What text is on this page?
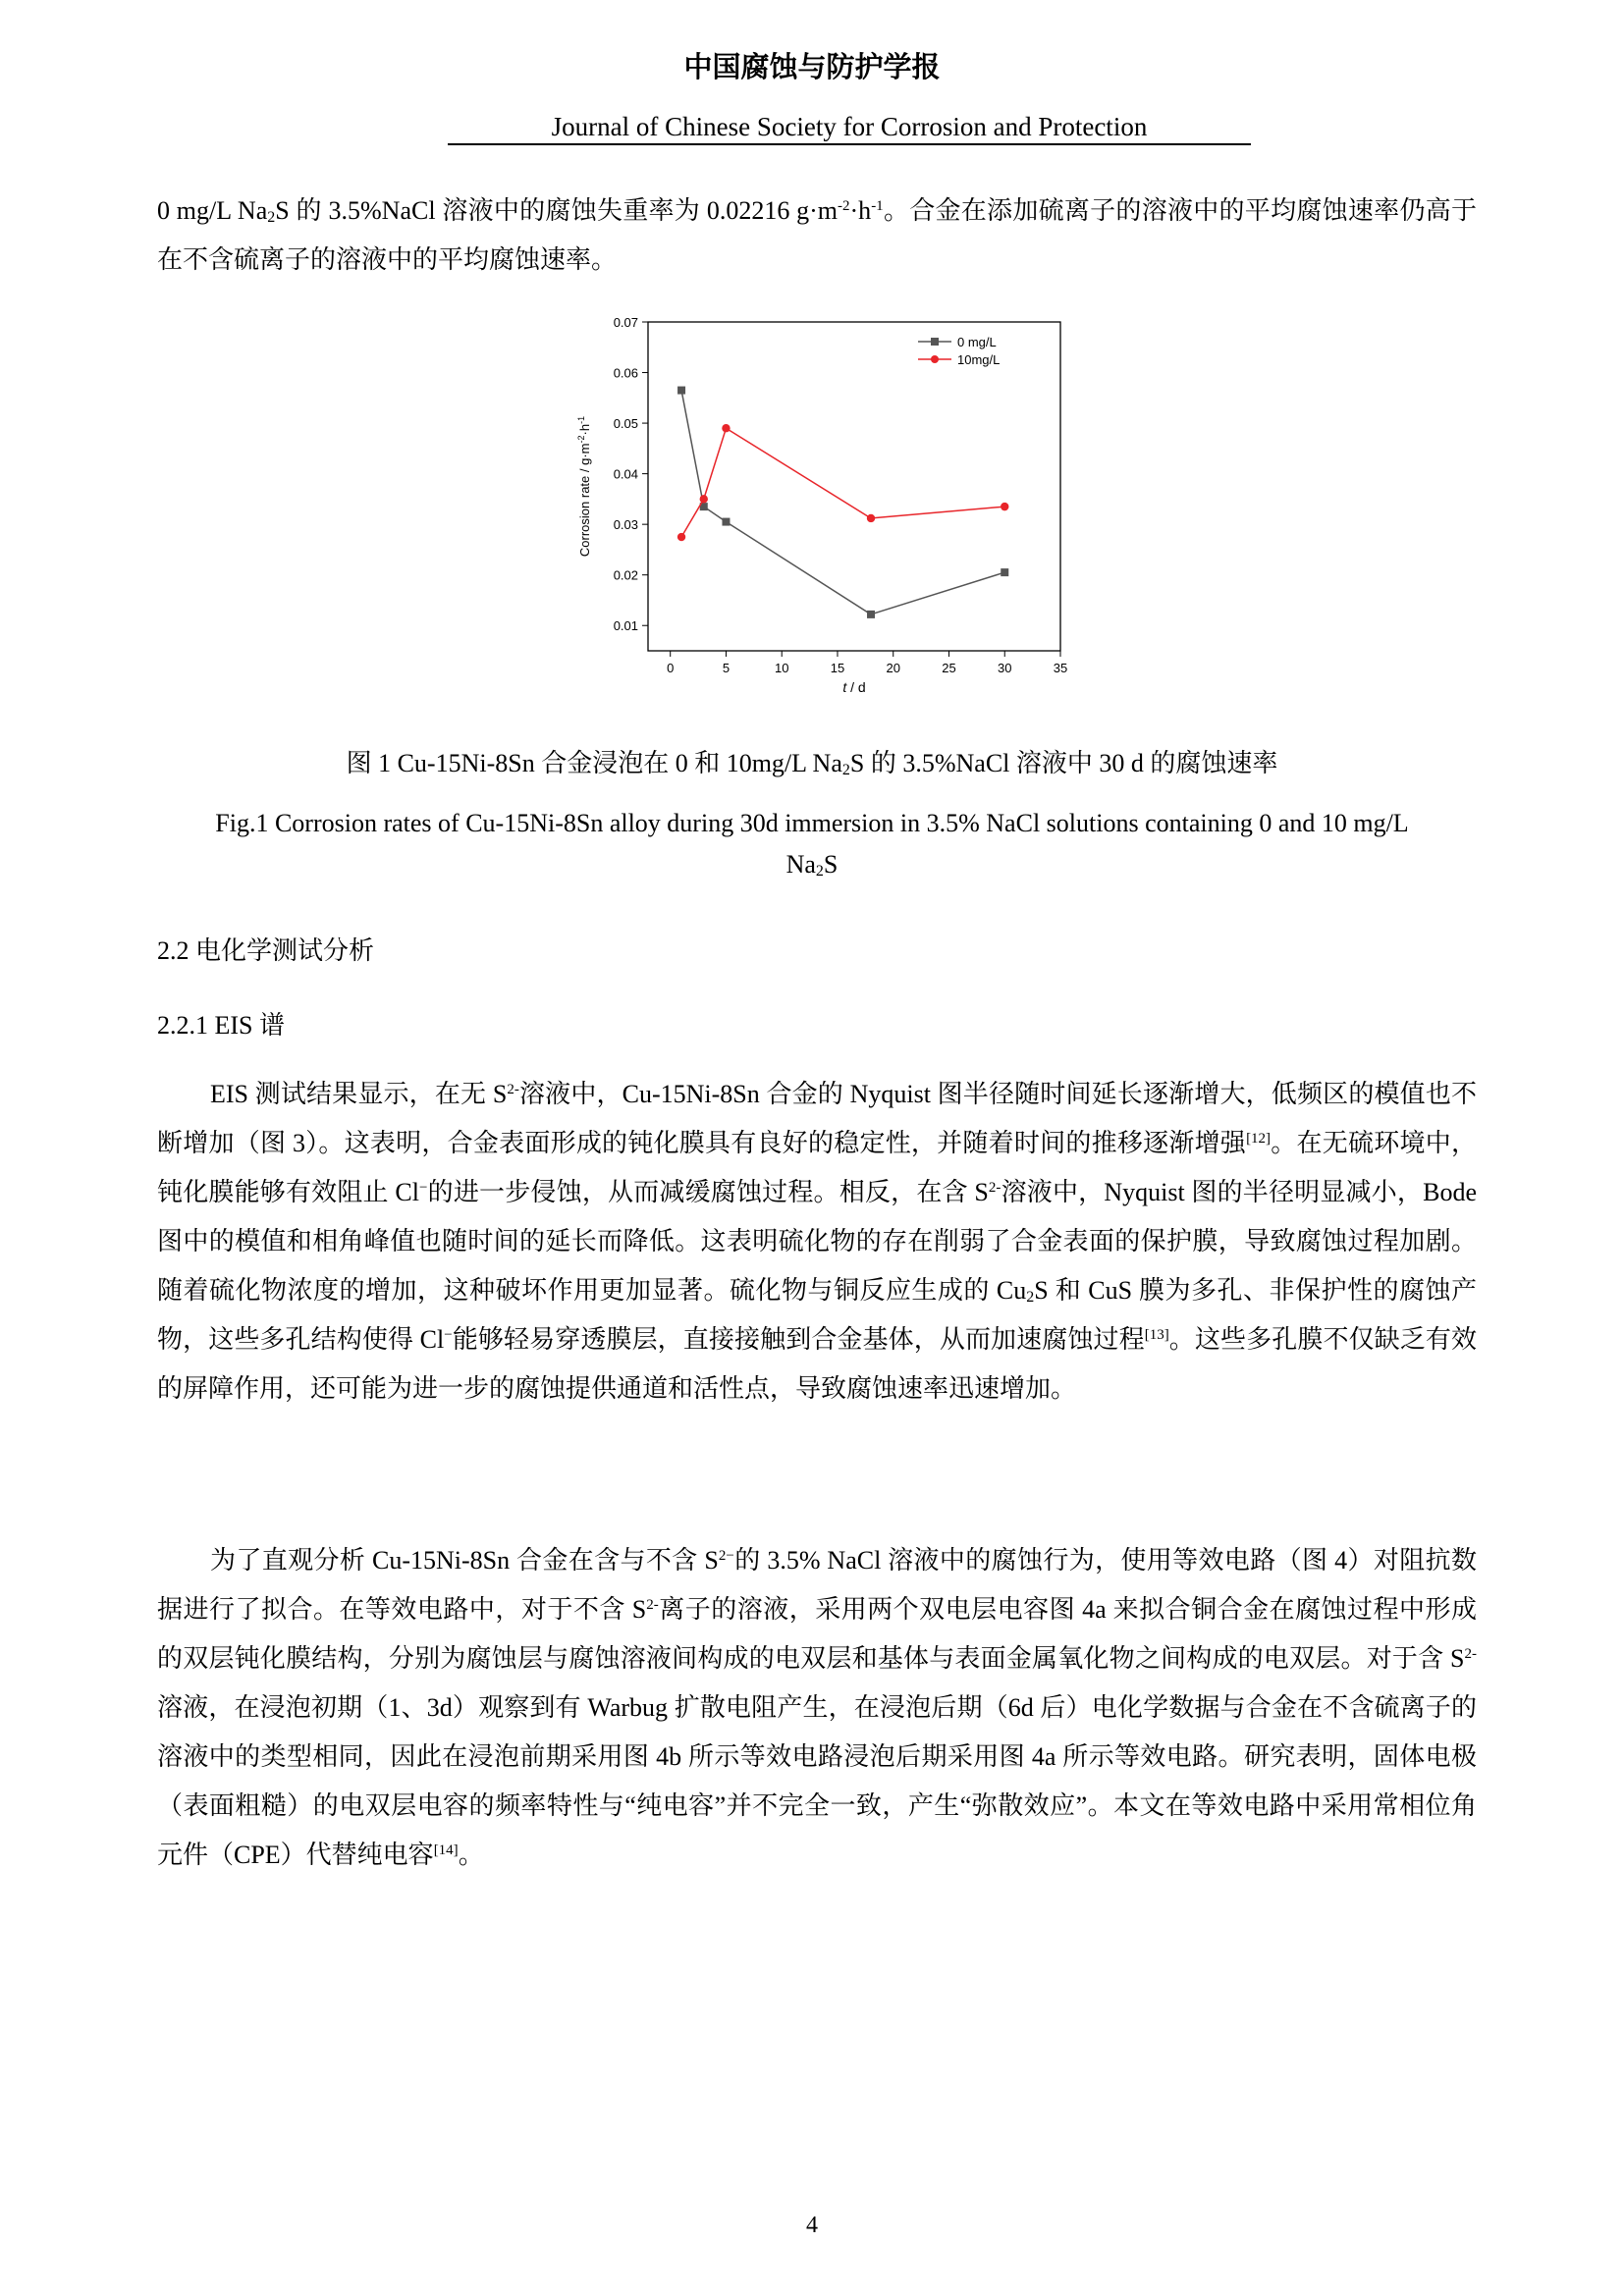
中国腐蚀与防护学报
Journal of Chinese Society for Corrosion and Protection

0 mg/L $Na_2S$ 的 3.5%NaCl 溶液中的腐蚀失重率为 0.02216 $g\cdot m^{-2}\cdot h^{-1}$。合金在添加硫离子的溶液中的平均腐蚀速率仍高于在不含硫离子的溶液中的平均腐蚀速率。

0	5	10	15	20	25	30	35
0.01
0.02
0.03
0.04
0.05
0.06
0.07
t / d
Corrosion rate / $g\cdot m^{-2}\cdot h^{-1}$
0 mg/L
10mg/L
图 1 Cu-15Ni-8Sn 合金浸泡在 0 和 10mg/L $Na_2S$ 的 3.5%NaCl 溶液中 30 d 的腐蚀速率
Fig.1 Corrosion rates of Cu-15Ni-8Sn alloy during 30d immersion in 3.5% NaCl solutions containing 0 and 10 mg/L $Na_2S$
2.2 电化学测试分析
2.2.1 EIS 谱

EIS 测试结果显示，在无 $S^{2-}$溶液中，Cu-15Ni-8Sn 合金的 Nyquist 图半径随时间延长逐渐增大，低频区的模值也不断增加（图 3）。这表明，合金表面形成的钝化膜具有良好的稳定性，并随着时间的推移逐渐增强[12]。在无硫环境中，钝化膜能够有效阻止 Cl−的进一步侵蚀，从而减缓腐蚀过程。相反，在含 $S^{2-}$溶液中，Nyquist 图的半径明显减小，Bode 图中的模值和相角峰值也随时间的延长而降低。这表明硫化物的存在削弱了合金表面的保护膜，导致腐蚀过程加剧。随着硫化物浓度的增加，这种破坏作用更加显著。硫化物与铜反应生成的 $Cu_2S$ 和 CuS 膜为多孔、非保护性的腐蚀产物，这些多孔结构使得 Cl−能够轻易穿透膜层，直接接触到合金基体，从而加速腐蚀过程[13]。这些多孔膜不仅缺乏有效的屏障作用，还可能为进一步的腐蚀提供通道和活性点，导致腐蚀速率迅速增加。

为了直观分析 Cu-15Ni-8Sn 合金在含与不含 $S^{2-}$的 3.5% NaCl 溶液中的腐蚀行为，使用等效电路（图 4）对阻抗数据进行了拟合。在等效电路中，对于不含 $S^{2-}$离子的溶液，采用两个双电层电容图 4a 来拟合铜合金在腐蚀过程中形成的双层钝化膜结构，分别为腐蚀层与腐蚀溶液间构成的电双层和基体与表面金属氧化物之间构成的电双层。对于含 $S^{2-}$溶液，在浸泡初期（1、3d）观察到有 Warbug 扩散电阻产生，在浸泡后期（6d 后）电化学数据与合金在不含硫离子的溶液中的类型相同，因此在浸泡前期采用图 4b 所示等效电路浸泡后期采用图 4a 所示等效电路。研究表明，固体电极（表面粗糙）的电双层电容的频率特性与“纯电容”并不完全一致，产生“弥散效应”。本文在等效电路中采用常相位角元件（CPE）代替纯电容[14]。

4
